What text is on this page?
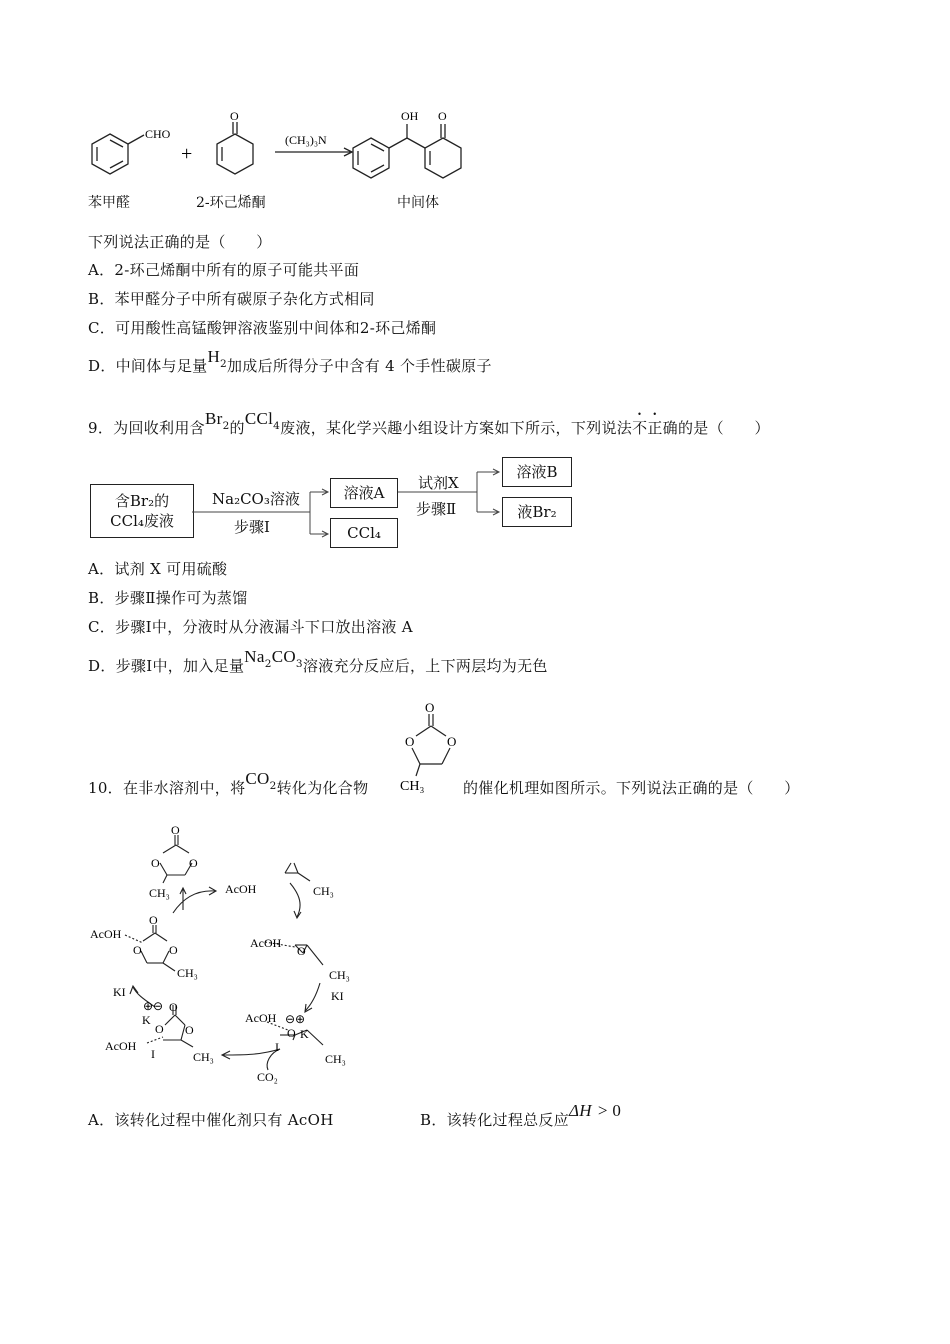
CHO
O
+
(CH₃)₃N
OH O
苯甲醛	2-环己烯酮	中间体
下列说法正确的是（　　）
A．2-环己烯酮中所有的原子可能共平面
B．苯甲醛分子中所有碳原子杂化方式相同
C．可用酸性高锰酸钾溶液鉴别中间体和2-环己烯酮
D．中间体与足量$H_2$加成后所得分子中含有 4 个手性碳原子
9．为回收利用含$Br_2$的CCl$_4$废液，某化学兴趣小组设计方案如下所示，下列说法不正确的是（　　）
含Br₂的
CCl₄废液
Na₂CO₃溶液
步骤Ⅰ
溶液A
CCl₄
试剂X
步骤Ⅱ
溶液B
液Br₂
A．试剂 X 可用硫酸
B．步骤Ⅱ操作可为蒸馏
C．步骤Ⅰ中，分液时从分液漏斗下口放出溶液 A
D．步骤Ⅰ中，加入足量$Na_2CO_3$溶液充分反应后，上下两层均为无色
10．在非水溶剂中，将$CO_2$转化为化合物
O
O	O
CH₃	的催化机理如图所示。下列说法正确的是（　　）
O
O O
CH₃	AcOH	CH₃
AcOH
O
CH₃
KI
AcOH ⊖⊕
O K
I
CH₃
CO₂
AcOH
O
O O
CH₃
KI
⊕⊖ O
K
O O
AcOH
I	CH₃
A．该转化过程中催化剂只有 AcOH	B．该转化过程总反应ΔH > 0
